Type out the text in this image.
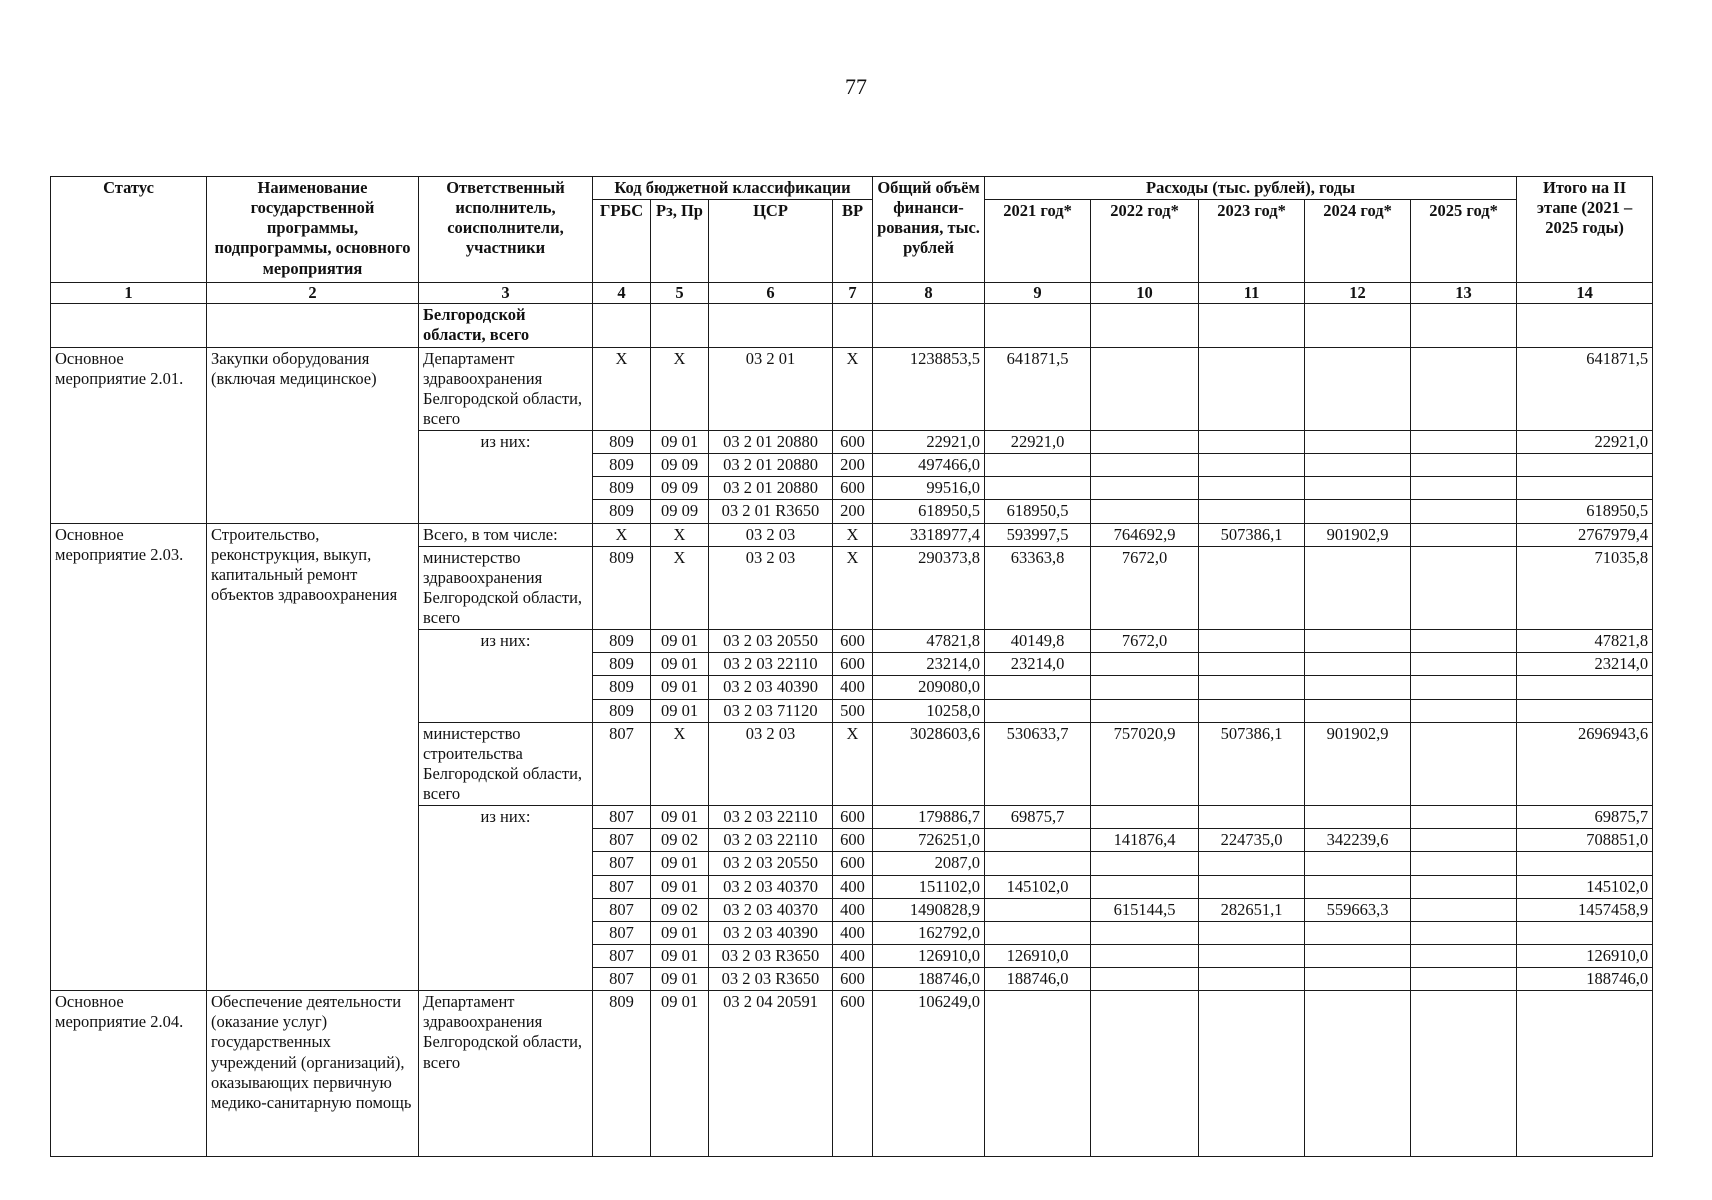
77
Статус	Наименование государственной программы, подпрограммы, основного мероприятия	Ответственный исполнитель, соисполнители, участники	Код бюджетной классификации				Общий объём финанси-рования, тыс. рублей	Расходы (тыс. рублей), годы					Итого на II этапе (2021 – 2025 годы)
			ГРБС	Рз, Пр	ЦСР	ВР		2021 год*	2022 год*	2023 год*	2024 год*	2025 год*	
1	2	3	4	5	6	7	8	9	10	11	12	13	14
		Белгородской области, всего											
Основное мероприятие 2.01.	Закупки оборудования (включая медицинское)	Департамент здравоохранения Белгородской области, всего	X	X	03 2 01	X	1238853,5	641871,5					641871,5
		из них:	809	09 01	03 2 01 20880	600	22921,0	22921,0					22921,0
			809	09 09	03 2 01 20880	200	497466,0						
			809	09 09	03 2 01 20880	600	99516,0						
			809	09 09	03 2 01 R3650	200	618950,5	618950,5					618950,5
Основное мероприятие 2.03.	Строительство, реконструкция, выкуп, капитальный ремонт объектов здравоохранения	Всего, в том числе:	X	X	03 2 03	X	3318977,4	593997,5	764692,9	507386,1	901902,9		2767979,4
		министерство здравоохранения Белгородской области, всего	809	X	03 2 03	X	290373,8	63363,8	7672,0				71035,8
		из них:	809	09 01	03 2 03 20550	600	47821,8	40149,8	7672,0				47821,8
			809	09 01	03 2 03 22110	600	23214,0	23214,0					23214,0
			809	09 01	03 2 03 40390	400	209080,0						
			809	09 01	03 2 03 71120	500	10258,0						
		министерство строительства Белгородской области, всего	807	X	03 2 03	X	3028603,6	530633,7	757020,9	507386,1	901902,9		2696943,6
		из них:	807	09 01	03 2 03 22110	600	179886,7	69875,7					69875,7
			807	09 02	03 2 03 22110	600	726251,0		141876,4	224735,0	342239,6		708851,0
			807	09 01	03 2 03 20550	600	2087,0						
			807	09 01	03 2 03 40370	400	151102,0	145102,0					145102,0
			807	09 02	03 2 03 40370	400	1490828,9		615144,5	282651,1	559663,3		1457458,9
			807	09 01	03 2 03 40390	400	162792,0						
			807	09 01	03 2 03 R3650	400	126910,0	126910,0					126910,0
			807	09 01	03 2 03 R3650	600	188746,0	188746,0					188746,0
Основное мероприятие 2.04.	Обеспечение деятельности (оказание услуг) государственных учреждений (организаций), оказывающих первичную медико-санитарную помощь	Департамент здравоохранения Белгородской области, всего	809	09 01	03 2 04 20591	600	106249,0						
